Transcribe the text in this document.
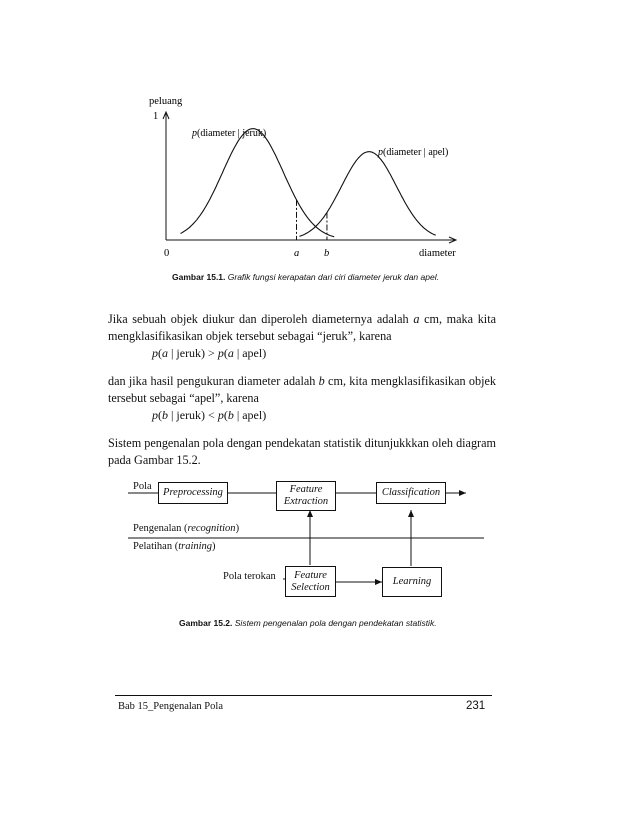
peluang
1
0	diameter
a b
p(diameter | jeruk)
p(diameter | apel)
Gambar 15.1. Grafik fungsi kerapatan dari ciri diameter jeruk dan apel.
Jika sebuah objek diukur dan diperoleh diameternya adalah a cm, maka kita mengklasifikasikan objek tersebut sebagai “jeruk”, karena
p(a | jeruk) > p(a | apel)
dan jika hasil pengukuran diameter adalah b cm, kita mengklasifikasikan objek tersebut sebagai “apel”, karena
p(b | jeruk) < p(b | apel)
Sistem pengenalan pola dengan pendekatan statistik ditunjukkkan oleh diagram pada Gambar 15.2.
Pola
Preprocessing	Feature
Extraction
Classification
Pengenalan (recognition)
Pelatihan (training)
Pola terokan Feature
Selection	Learning
Gambar 15.2. Sistem pengenalan pola dengan pendekatan statistik.
Bab 15_Pengenalan Pola	231
